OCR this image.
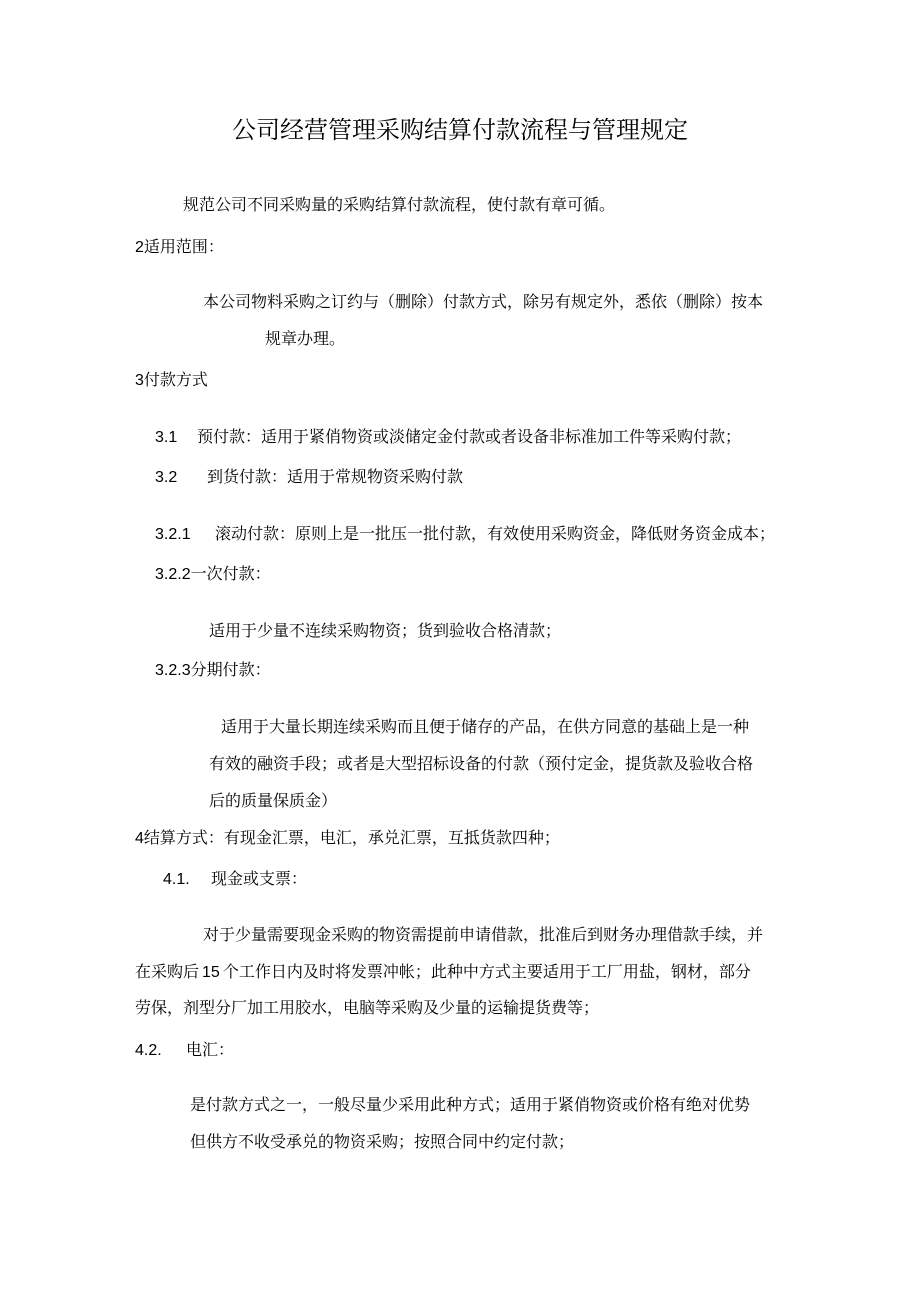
公司经营管理采购结算付款流程与管理规定

规范公司不同采购量的采购结算付款流程，使付款有章可循。

2适用范围：

本公司物料采购之订约与（删除）付款方式，除另有规定外，悉依（删除）按本

规章办理。

3付款方式

3.1 预付款：适用于紧俏物资或淡储定金付款或者设备非标准加工件等采购付款；

3.2 到货付款：适用于常规物资采购付款

3.2.1 滚动付款：原则上是一批压一批付款，有效使用采购资金，降低财务资金成本；

3.2.2一次付款：

适用于少量不连续采购物资；货到验收合格清款；

3.2.3分期付款：

适用于大量长期连续采购而且便于储存的产品，在供方同意的基础上是一种

有效的融资手段；或者是大型招标设备的付款（预付定金，提货款及验收合格

后的质量保质金）

4结算方式：有现金汇票，电汇，承兑汇票，互抵货款四种；

4.1. 现金或支票：

对于少量需要现金采购的物资需提前申请借款，批准后到财务办理借款手续，并

在采购后 15 个工作日内及时将发票冲帐；此种中方式主要适用于工厂用盐，钢材，部分

劳保，剂型分厂加工用胶水，电脑等采购及少量的运输提货费等；

4.2. 电汇：

是付款方式之一，一般尽量少采用此种方式；适用于紧俏物资或价格有绝对优势

但供方不收受承兑的物资采购；按照合同中约定付款；
